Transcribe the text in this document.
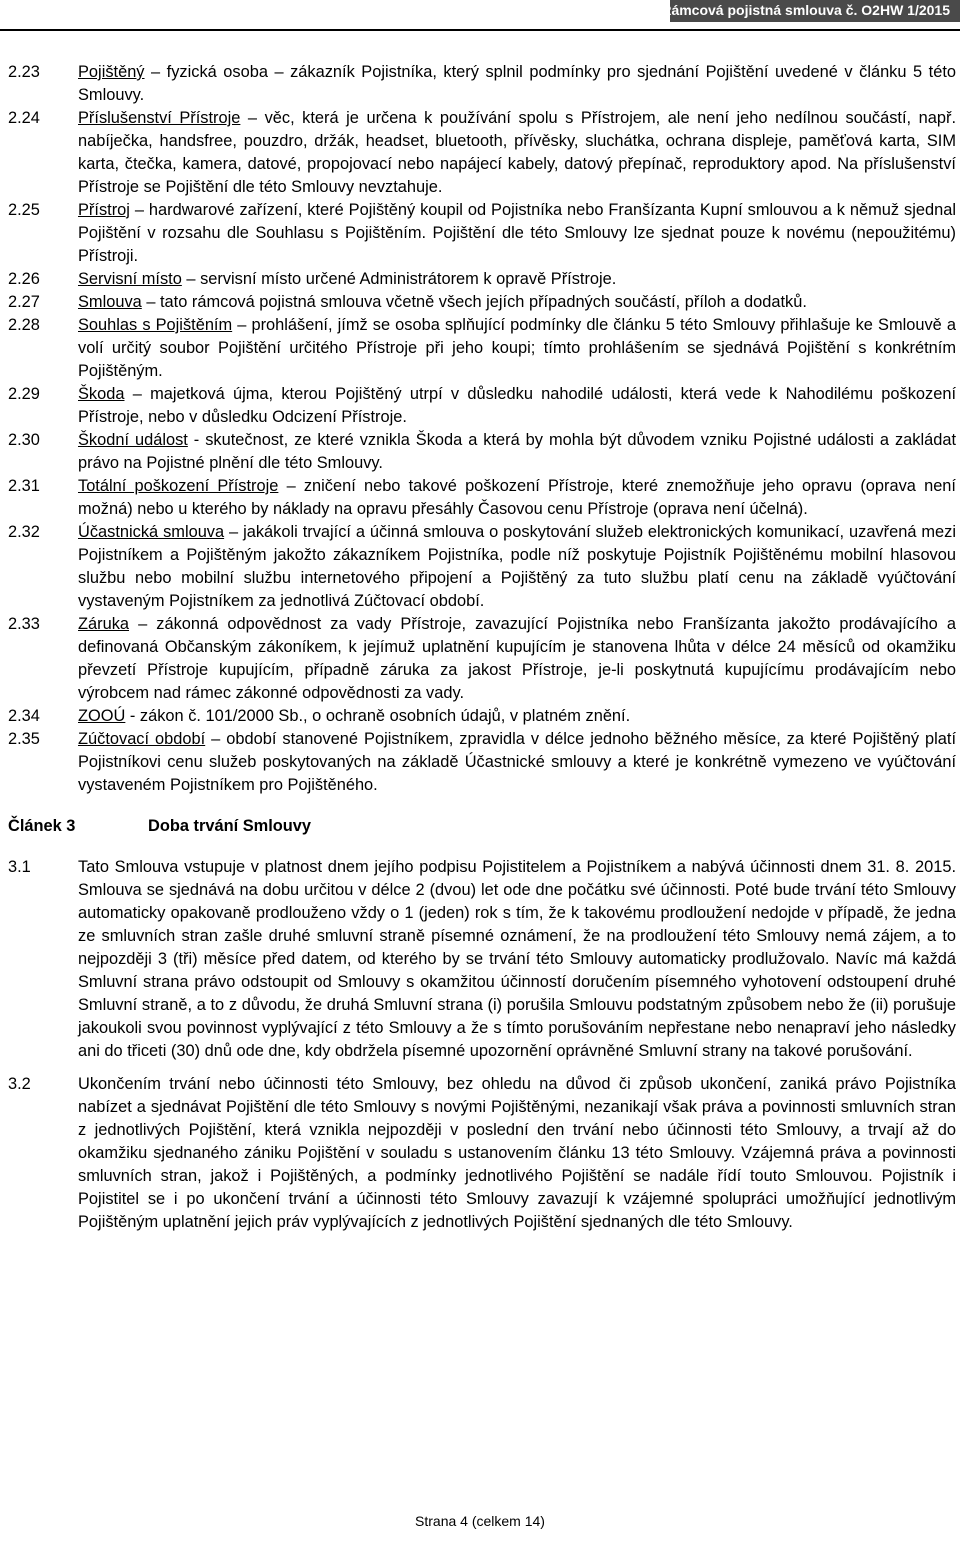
Rámcová pojistná smlouva č. O2HW 1/2015
2.23	Pojištěný – fyzická osoba – zákazník Pojistníka, který splnil podmínky pro sjednání Pojištění uvedené v článku 5 této Smlouvy.
2.24	Příslušenství Přístroje – věc, která je určena k používání spolu s Přístrojem, ale není jeho nedílnou součástí, např. nabíječka, handsfree, pouzdro, držák, headset, bluetooth, přívěsky, sluchátka, ochrana displeje, paměťová karta, SIM karta, čtečka, kamera, datové, propojovací nebo napájecí kabely, datový přepínač, reproduktory apod. Na příslušenství Přístroje se Pojištění dle této Smlouvy nevztahuje.
2.25	Přístroj – hardwarové zařízení, které Pojištěný koupil od Pojistníka nebo Franšízanta Kupní smlouvou a k němuž sjednal Pojištění v rozsahu dle Souhlasu s Pojištěním. Pojištění dle této Smlouvy lze sjednat pouze k novému (nepoužitému) Přístroji.
2.26	Servisní místo – servisní místo určené Administrátorem k opravě Přístroje.
2.27	Smlouva – tato rámcová pojistná smlouva včetně všech jejích případných součástí, příloh a dodatků.
2.28	Souhlas s Pojištěním – prohlášení, jímž se osoba splňující podmínky dle článku 5 této Smlouvy přihlašuje ke Smlouvě a volí určitý soubor Pojištění určitého Přístroje při jeho koupi; tímto prohlášením se sjednává Pojištění s konkrétním Pojištěným.
2.29	Škoda – majetková újma, kterou Pojištěný utrpí v důsledku nahodilé události, která vede k Nahodilému poškození Přístroje, nebo v důsledku Odcizení Přístroje.
2.30	Škodní událost - skutečnost, ze které vznikla Škoda a která by mohla být důvodem vzniku Pojistné události a zakládat právo na Pojistné plnění dle této Smlouvy.
2.31	Totální poškození Přístroje – zničení nebo takové poškození Přístroje, které znemožňuje jeho opravu (oprava není možná) nebo u kterého by náklady na opravu přesáhly Časovou cenu Přístroje (oprava není účelná).
2.32	Účastnická smlouva – jakákoli trvající a účinná smlouva o poskytování služeb elektronických komunikací, uzavřená mezi Pojistníkem a Pojištěným jakožto zákazníkem Pojistníka, podle níž poskytuje Pojistník Pojištěnému mobilní hlasovou službu nebo mobilní službu internetového připojení a Pojištěný za tuto službu platí cenu na základě vyúčtování vystaveným Pojistníkem za jednotlivá Zúčtovací období.
2.33	Záruka – zákonná odpovědnost za vady Přístroje, zavazující Pojistníka nebo Franšízanta jakožto prodávajícího a definovaná Občanským zákoníkem, k jejímuž uplatnění kupujícím je stanovena lhůta v délce 24 měsíců od okamžiku převzetí Přístroje kupujícím, případně záruka za jakost Přístroje, je-li poskytnutá kupujícímu prodávajícím nebo výrobcem nad rámec zákonné odpovědnosti za vady.
2.34	ZOOÚ - zákon č. 101/2000 Sb., o ochraně osobních údajů, v platném znění.
2.35	Zúčtovací období – období stanovené Pojistníkem, zpravidla v délce jednoho běžného měsíce, za které Pojištěný platí Pojistníkovi cenu služeb poskytovaných na základě Účastnické smlouvy a které je konkrétně vymezeno ve vyúčtování vystaveném Pojistníkem pro Pojištěného.
Článek 3	Doba trvání Smlouvy
3.1	Tato Smlouva vstupuje v platnost dnem jejího podpisu Pojistitelem a Pojistníkem a nabývá účinnosti dnem 31. 8. 2015. Smlouva se sjednává na dobu určitou v délce 2 (dvou) let ode dne počátku své účinnosti. Poté bude trvání této Smlouvy automaticky opakovaně prodlouženo vždy o 1 (jeden) rok s tím, že k takovému prodloužení nedojde v případě, že jedna ze smluvních stran zašle druhé smluvní straně písemné oznámení, že na prodloužení této Smlouvy nemá zájem, a to nejpozději 3 (tři) měsíce před datem, od kterého by se trvání této Smlouvy automaticky prodlužovalo. Navíc má každá Smluvní strana právo odstoupit od Smlouvy s okamžitou účinností doručením písemného vyhotovení odstoupení druhé Smluvní straně, a to z důvodu, že druhá Smluvní strana (i) porušila Smlouvu podstatným způsobem nebo že (ii) porušuje jakoukoli svou povinnost vyplývající z této Smlouvy a že s tímto porušováním nepřestane nebo nenapraví jeho následky ani do třiceti (30) dnů ode dne, kdy obdržela písemné upozornění oprávněné Smluvní strany na takové porušování.
3.2	Ukončením trvání nebo účinnosti této Smlouvy, bez ohledu na důvod či způsob ukončení, zaniká právo Pojistníka nabízet a sjednávat Pojištění dle této Smlouvy s novými Pojištěnými, nezanikají však práva a povinnosti smluvních stran z jednotlivých Pojištění, která vznikla nejpozději v poslední den trvání nebo účinnosti této Smlouvy, a trvají až do okamžiku sjednaného zániku Pojištění v souladu s ustanovením článku 13 této Smlouvy. Vzájemná práva a povinnosti smluvních stran, jakož i Pojištěných, a podmínky jednotlivého Pojištění se nadále řídí touto Smlouvou. Pojistník i Pojistitel se i po ukončení trvání a účinnosti této Smlouvy zavazují k vzájemné spolupráci umožňující jednotlivým Pojištěným uplatnění jejich práv vyplývajících z jednotlivých Pojištění sjednaných dle této Smlouvy.
Strana 4 (celkem 14)
